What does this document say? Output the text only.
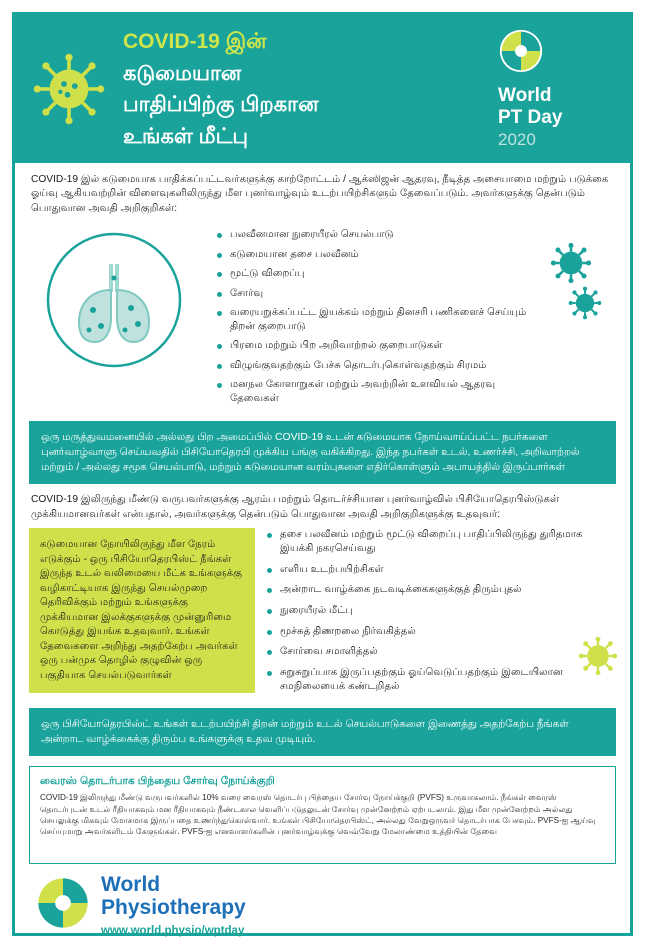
COVID-19 இன்
கடுமையான
பாதிப்பிற்கு பிறகான
உங்கள் மீட்பு
World
PT Day
2020
COVID-19 இல் கடுமையாக பாதிக்கப்பட்டவர்களுக்கு காற்றோட்டம் / ஆக்ஸிஜன் ஆதரவு, நீடித்த அசையாமை மற்றும் படுக்கை ஓய்வு ஆகியவற்றின் விளைவுகளிலிருந்து மீள புனர்வாழ்வும் உடற்பயிற்சிகளும் தேவைப்படும். அவர்களுக்கு தென்படும் பொதுவான அவதி அறிகுறிகள்:
பலவீனமான நுரையீரல் செயல்பாடு
கடுமையான தசை பலவீனம்
மூட்டு விறைப்பு
சோர்வு
வரையறுக்கப்பட்ட இயக்கம் மற்றும் தினசரி பணிகளைச் செய்யும் திறன் குறைபாடு
பிரமை மற்றும் பிற அறிவாற்றல் குறைபாடுகள்
விழுங்குவதற்கும் பேச்சு தொடர்புகொள்வதற்கும் சிரமம்
மனநல கோளாறுகள் மற்றும் அவற்றின் உளவியல் ஆதரவு தேவைகள்
ஒரு மருத்துவமனையில் அல்லது பிற அமைப்பில் COVID-19 உடன் கடுமையாக நோய்வாய்ப்பட்ட நபர்களை புனர்வாழ்வாளு செய்யவதில் பிசியோதெரபி முக்கிய பங்கு வகிக்கிறது. இந்த நபர்கள் உடல், உணர்ச்சி, அறிவாற்றல் மற்றும் / அல்லது சமூக செயல்பாடு, மற்றும் கடுமையான வரம்புகளை எதிர்கொள்ளும் அபாயத்தில் இருப்பார்கள்
COVID-19 இலிருந்து மீண்டு வருபவர்களுக்கு ஆரம்ப மற்றும் தொடர்ச்சியான புனர்வாழ்வில் பிசியோதெரபிஸ்டுகள் முக்கியமானவர்கள் என்பதால், அவர்களுக்கு தென்படும் பொதுவான அவதி அறிகுறிகளுக்கு உதவுவர்:
கடுமையான நோயிலிருந்து மீள நேரம் எடுக்கும் - ஒரு பிசியோதெரபிஸ்ட் நீங்கள் இருந்த உடல் வலிமையை மீட்க உங்களுக்கு வழிகாட்டியாக இருந்து செயல்முறை தெரிவிக்கும் மற்றும் உங்களுக்கு முக்கியமான இலக்குகளுக்கு முன்னுரிமை கொடுத்து இயங்க உதவுவார். உங்கள் தேவைகளை அறிந்து அதற்கேற்ப அவர்கள் ஒரு பன்முக தொழில் குழுவின் ஒரு பகுதியாக செயல்படுவார்கள்
தசை பலவீனம் மற்றும் மூட்டு விறைப்பு பாதிப்பிலிருந்து துரிதமாக இயக்கி நகரசெய்வது
எளிய உடற்பயிற்சிகள்
அன்றாட வாழ்க்கை நடவடிக்கைகளுக்குத் திரும்புதல்
நுரையீரல் மீட்பு
மூச்சுத் திணறலை நிர்வகித்தல்
சோர்வை சமாளித்தல்
சுறுசுறுப்பாக இருப்பதற்கும் ஓய்வெடுப்பதற்கும் இடையிலான சமநிலையைக் கண்டறிதல்
ஒரு பிசியோதெரபிஸ்ட் உங்கள் உடற்பயிற்சி திறன் மற்றும் உடல் செயல்பாடுகளை இணைத்து அதற்கேற்ப நீங்கள் அன்றாட வாழ்க்கைக்கு திரும்ப உங்களுக்கு உதவ முடியும்.
வைரஸ் தொடர்பாக பிந்தைய சோர்வு நோய்க்குறி

COVID-19 இலிருந்து மீண்டு வருபவர்களில் 10% வரை வைரஸ் தொடர்பு பிந்தைய சோர்வு நோய்க்குறி (PVFS) உருவாகலாம். நீங்கள் வைரஸ் தொடர்புடன் உடல் ரீதியாகவும் மன ரீதியாகவும் நீண்டகால வெளிப்படுதலுடன் சோர்வு முன்னேற்றம் ஏற்படலாம். இது மீள முன்னேற்றம் அல்லது செயலுக்கு மிகவும் மோசமாக இருப்பதை உணர்ந்துகொள்வார். உங்கள் பிசியோதெரபிஸ்ட், அல்லது வேறுஒருவர் தொடர்பாக பேசவும். PVFS-ஐ ஆய்வு செய்யுமாறு அவர்களிடம் கேளுங்கள். PVFS-ஐ எனவாளர்களின் புனர்வாழ்வுக்கு வெவ்வேறு மேலாண்மை உத்தியின் தேவை

World
Physiotherapy
www.world.physio/wptday
